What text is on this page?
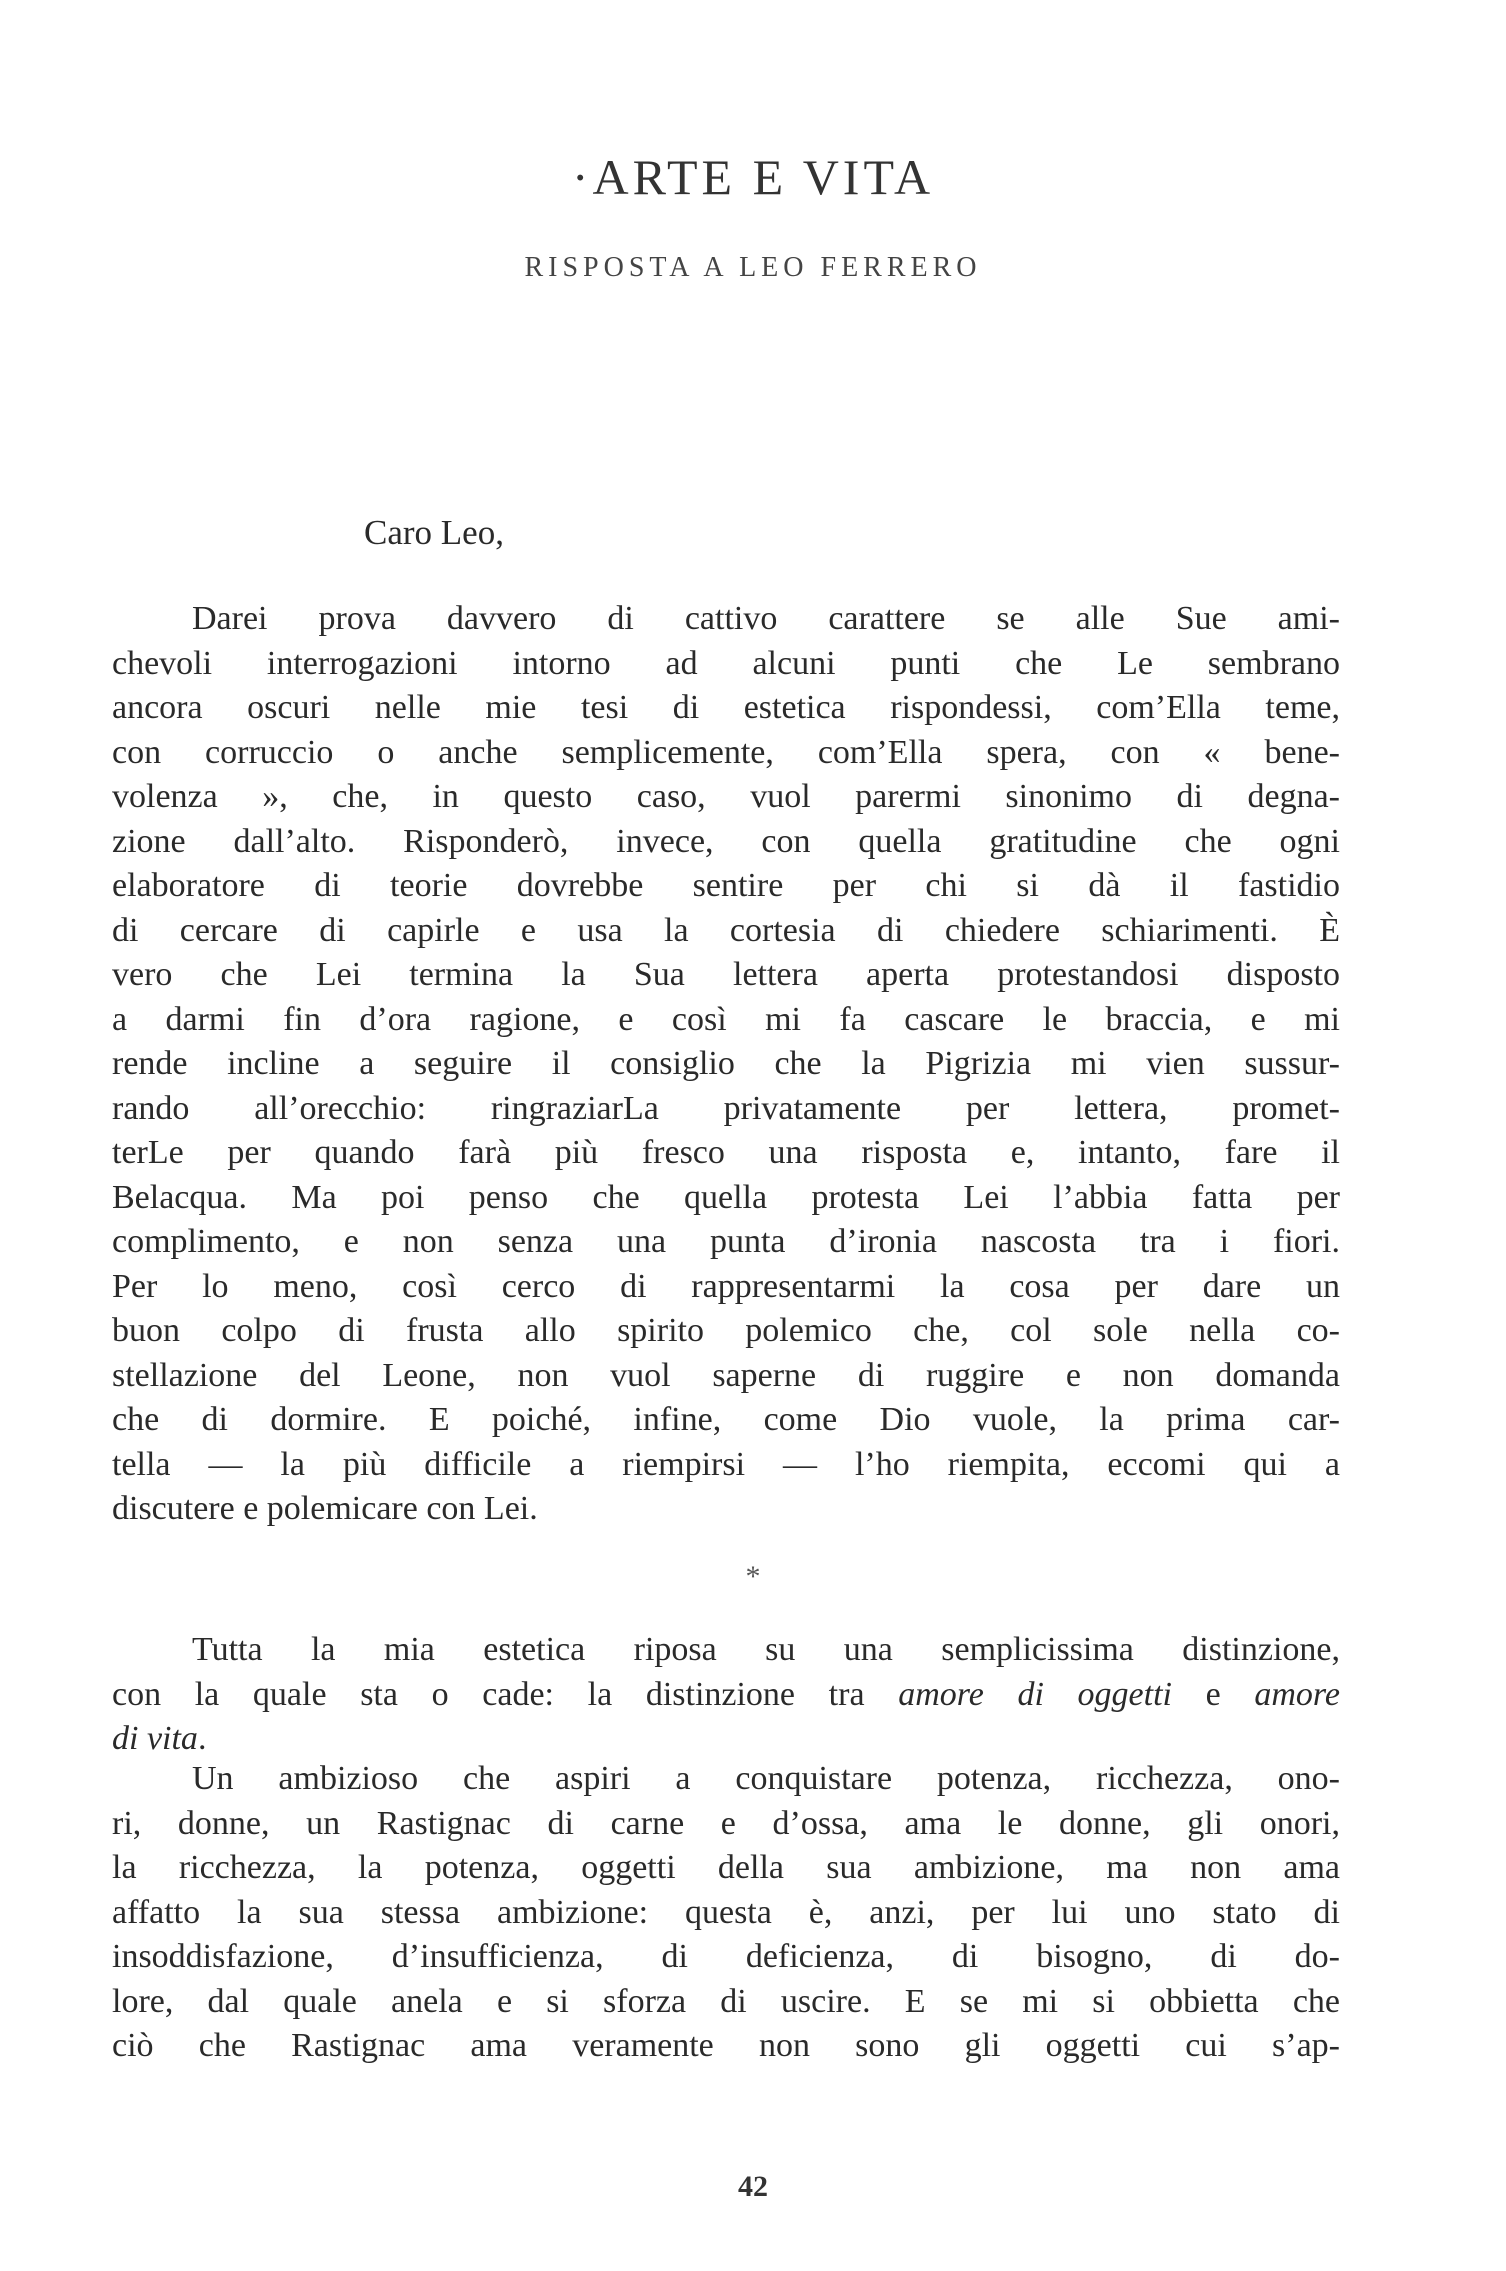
·ARTE E VITA
RISPOSTA A LEO FERRERO
Caro Leo,
Darei prova davvero di cattivo carattere se alle Sue ami-
chevoli interrogazioni intorno ad alcuni punti che Le sembrano
ancora oscuri nelle mie tesi di estetica rispondessi, com’Ella teme,
con corruccio o anche semplicemente, com’Ella spera, con « bene-
volenza », che, in questo caso, vuol parermi sinonimo di degna-
zione dall’alto. Risponderò, invece, con quella gratitudine che ogni
elaboratore di teorie dovrebbe sentire per chi si dà il fastidio
di cercare di capirle e usa la cortesia di chiedere schiarimenti. È
vero che Lei termina la Sua lettera aperta protestandosi disposto
a darmi fin d’ora ragione, e così mi fa cascare le braccia, e mi
rende incline a seguire il consiglio che la Pigrizia mi vien sussur-
rando all’orecchio: ringraziarLa privatamente per lettera, promet-
terLe per quando farà più fresco una risposta e, intanto, fare il
Belacqua. Ma poi penso che quella protesta Lei l’abbia fatta per
complimento, e non senza una punta d’ironia nascosta tra i fiori.
Per lo meno, così cerco di rappresentarmi la cosa per dare un
buon colpo di frusta allo spirito polemico che, col sole nella co-
stellazione del Leone, non vuol saperne di ruggire e non domanda
che di dormire. E poiché, infine, come Dio vuole, la prima car-
tella — la più difficile a riempirsi — l’ho riempita, eccomi qui a
discutere e polemicare con Lei.
*
Tutta la mia estetica riposa su una semplicissima distinzione,
con la quale sta o cade: la distinzione tra amore di oggetti e amore
di vita.
Un ambizioso che aspiri a conquistare potenza, ricchezza, ono-
ri, donne, un Rastignac di carne e d’ossa, ama le donne, gli onori,
la ricchezza, la potenza, oggetti della sua ambizione, ma non ama
affatto la sua stessa ambizione: questa è, anzi, per lui uno stato di
insoddisfazione, d’insufficienza, di deficienza, di bisogno, di do-
lore, dal quale anela e si sforza di uscire. E se mi si obbietta che
ciò che Rastignac ama veramente non sono gli oggetti cui s’ap-
42
